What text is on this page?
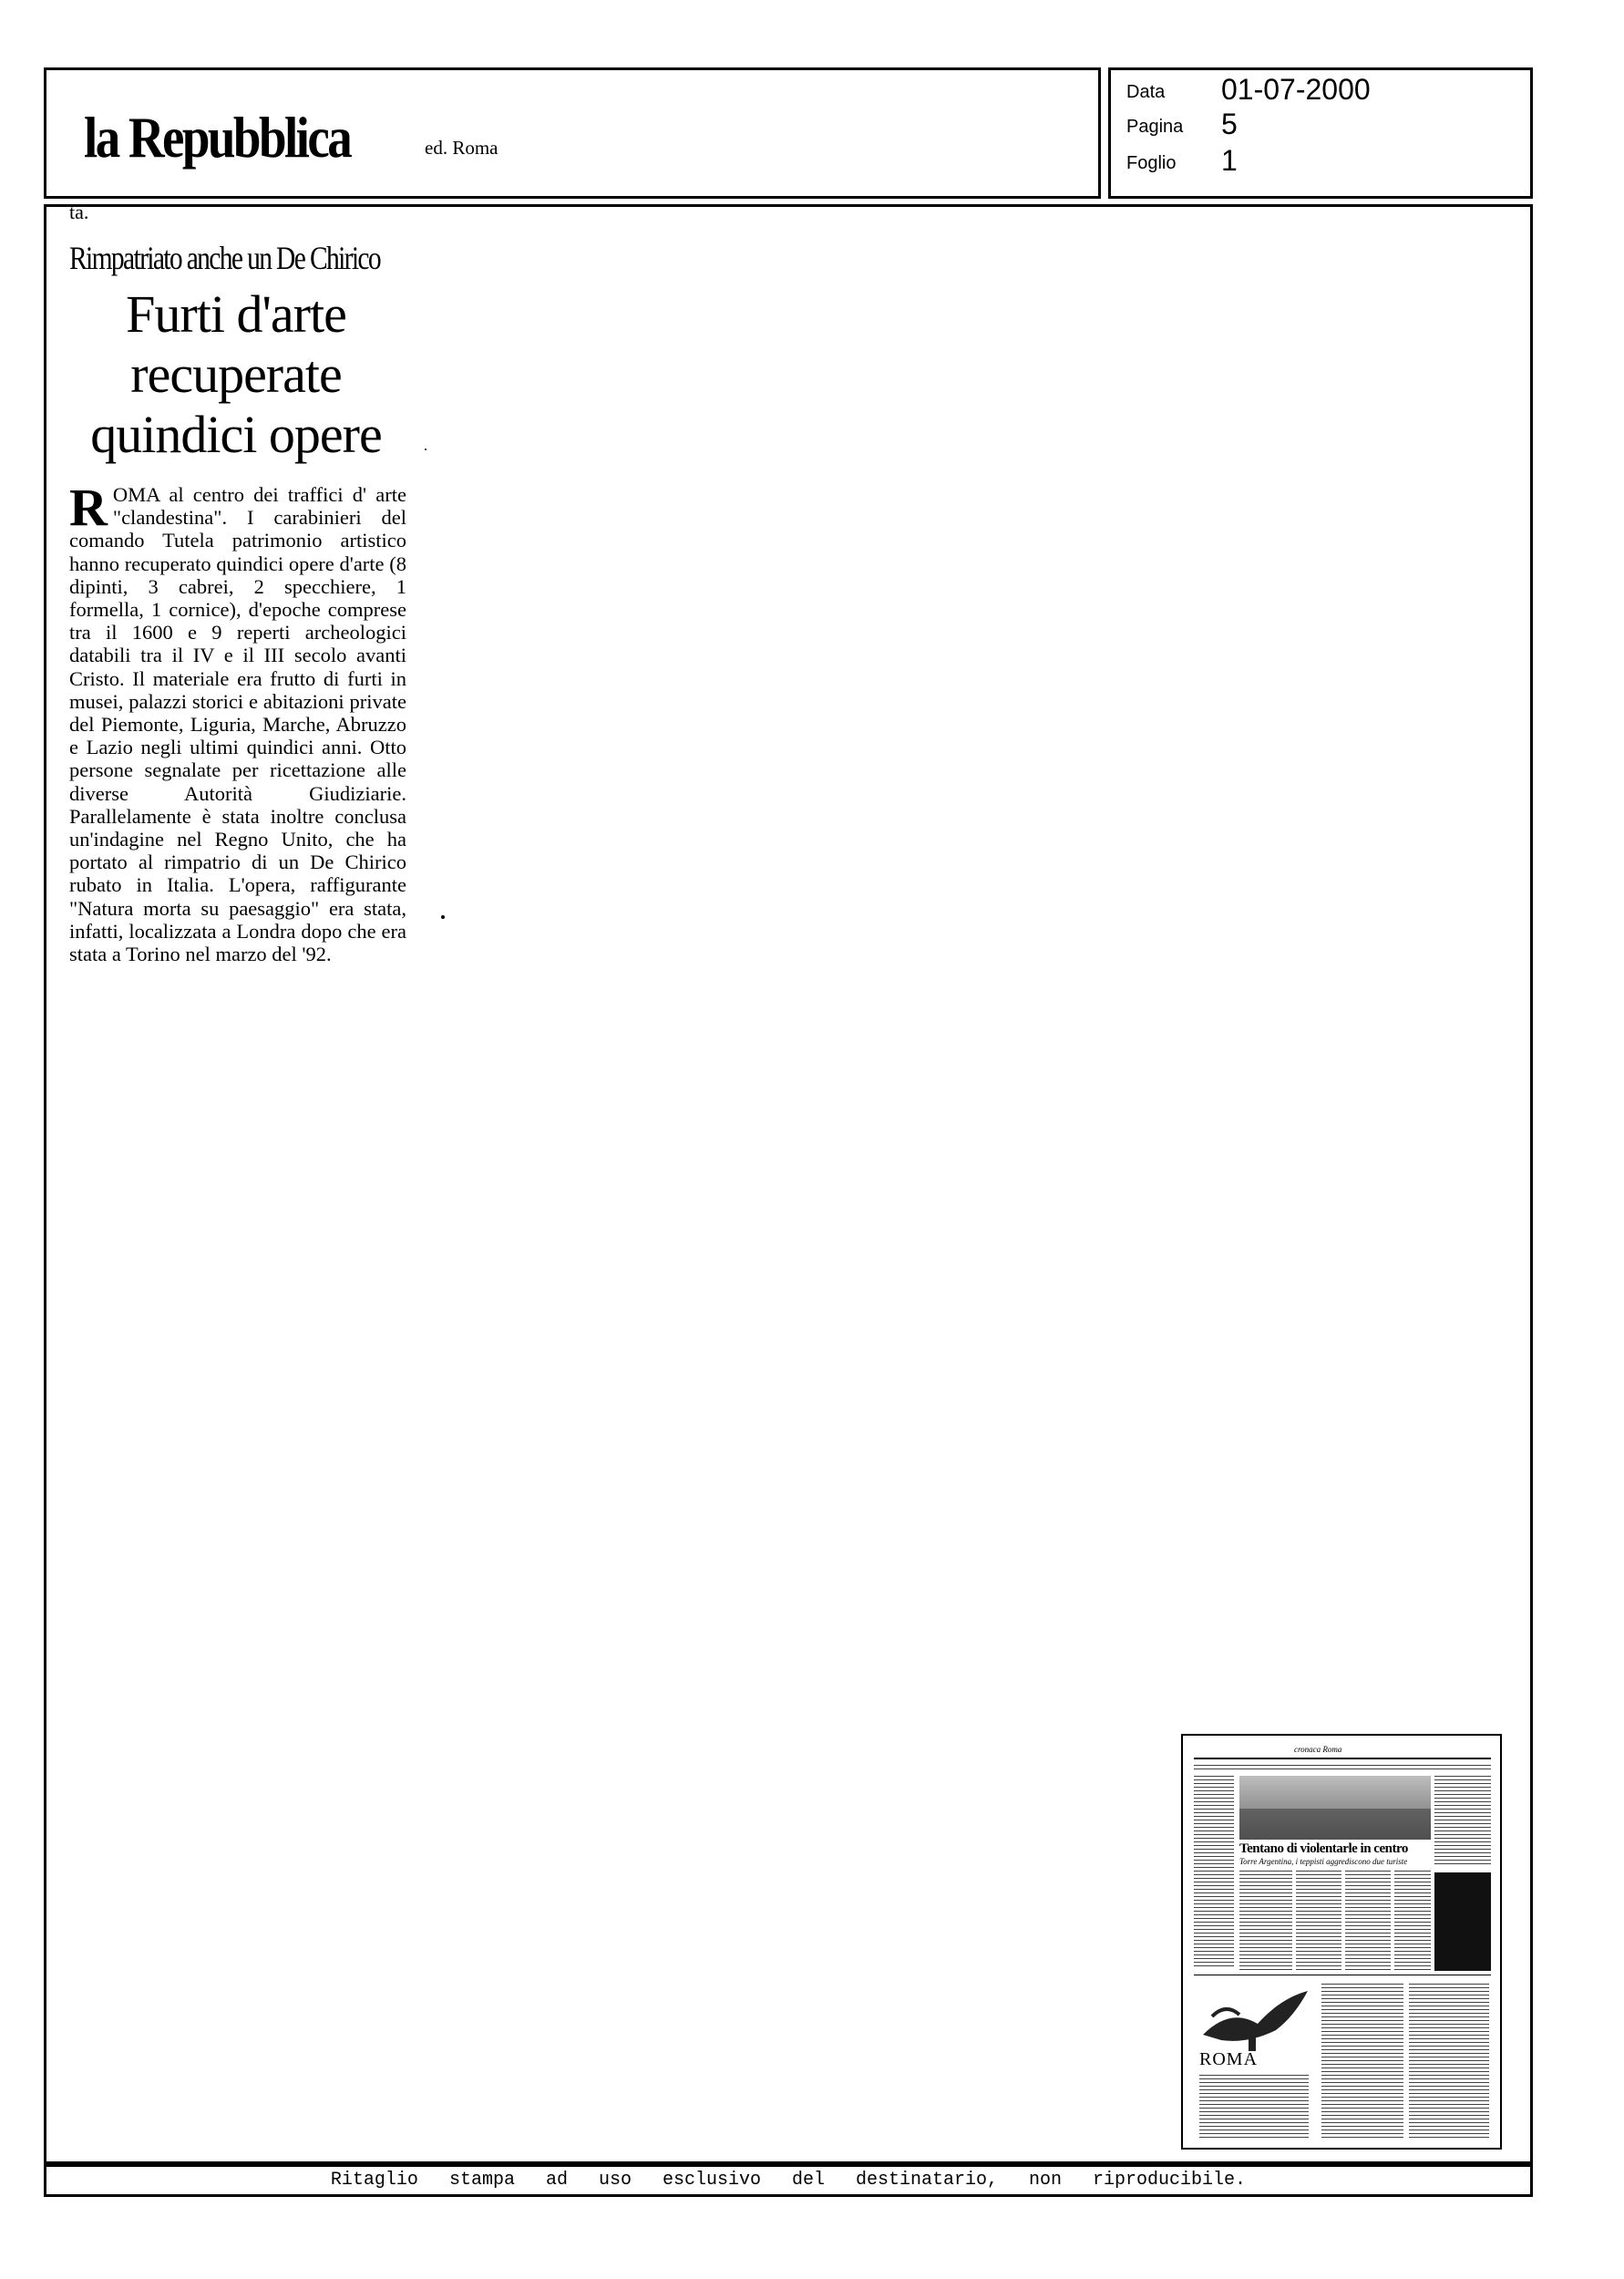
la Repubblica	ed. Roma
Data 01-07-2000
Pagina 5
Foglio 1
ta.
Rimpatriato anche un De Chirico
Furti d'arte recuperate quindici opere

ROMA al centro dei traffici d' arte "clandestina". I carabinieri del comando Tutela patrimonio artistico hanno recuperato quindici opere d'arte (8 dipinti, 3 cabrei, 2 specchiere, 1 formella, 1 cornice), d'epoche comprese tra il 1600 e 9 reperti archeologici databili tra il IV e il III secolo avanti Cristo. Il materiale era frutto di furti in musei, palazzi storici e abitazioni private del Piemonte, Liguria, Marche, Abruzzo e Lazio negli ultimi quindici anni. Otto persone segnalate per ricettazione alle diverse Autorità Giudiziarie. Parallelamente è stata inoltre conclusa un'indagine nel Regno Unito, che ha portato al rimpatrio di un De Chirico rubato in Italia. L'opera, raffigurante "Natura morta su paesaggio" era stata, infatti, localizzata a Londra dopo che era stata a Torino nel marzo del '92.

cronaca Roma
Tentano di violentarle in centro
Torre Argentina, i teppisti aggrediscono due turiste
ROMA
Ritaglio stampa ad uso esclusivo del destinatario, non riproducibile.
